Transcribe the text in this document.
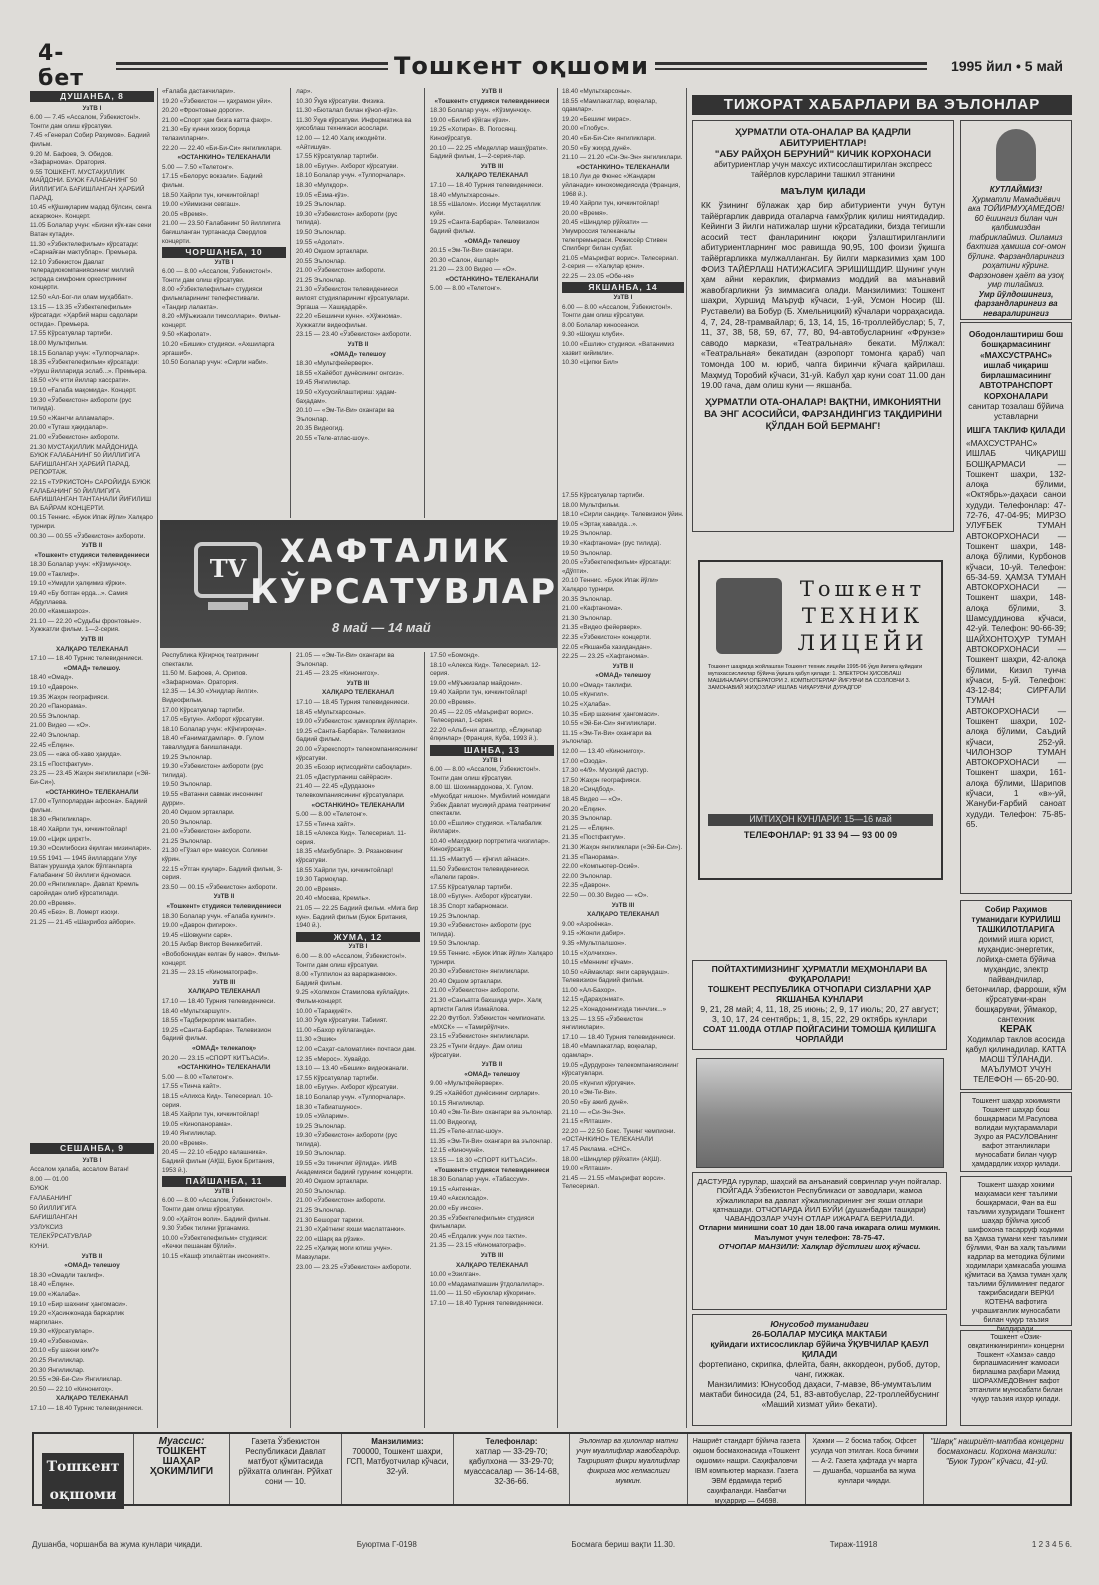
4-бет	Тошкент оқшоми	1995 йил • 5 май
ДУШАНБА, 8

УзТВ I

6.00 — 7.45 «Ассалом, Ўзбекистон!». Тонгги дам олиш кўрсатуви.

7.45 «Генерал Собир Раҳимов». Бадиий фильм.

9.20 М. Бафоев, Э. Обидов. «Зафарнома». Оратория.

9.55 ТОШКЕНТ. МУСТАҚИЛЛИК МАЙДОНИ. БУЮК ҒАЛАБАНИНГ 50 ЙИЛЛИГИГА БАҒИШЛАНГАН ҲАРБИЙ ПАРАД.

10.45 «Қўшиқларим мадад бўлсин, сенга аскаржон». Концерт.

11.05 Болалар учун: «Бизни кўк-кан сени Ватан кутади».

11.30 «Ўзбектелефильм» кўрсатади: «Сарнайған мактублар». Премьера.

12.10 Ўзбекистон Давлат телерадиокомпаниясининг миллий эстрада симфоник оркестрининг концерти.

12.50 «Ал-Бог-ли олам муҳаббат».

13.15 — 13.35 «Ўзбектелефильм» кўрсатади: «Ҳарбий марш садолари остида». Премьера.

17.55 Кўрсатувлар тартиби.

18.00 Мультфильм.

18.15 Болалар учун: «Тулпорчалар».

18.35 «Ўзбектелефильм» кўрсатади: «Уруш йилларида эслаб...». Премьера.

18.50 «Уч етти йиллар хассрати».

19.10 «Ғалаба мақомида». Концерт.

19.30 «Ўзбекистон» ахбороти (рус тилида).

19.50 «Жангчи алламалар».

20.00 «Туташ ҳақидалар».

21.00 «Ўзбекистон» ахбороти.

21.30 МУСТАҚИЛЛИК МАЙДОНИДА БУЮК ҒАЛАБАНИНГ 50 ЙИЛЛИГИГА БАҒИШЛАНГАН ҲАРБИЙ ПАРАД. РЕПОРТАЖ.

22.15 «ТУРКИСТОН» САРОЙИДА БУЮК ҒАЛАБАНИНГ 50 ЙИЛЛИГИГА БАҒИШЛАНГАН ТАНТАНАЛИ ЙИҒИЛИШ ВА БАЙРАМ КОНЦЕРТИ.

00.15 Теннис. «Буюк Ипак йўли» Халқаро турнири.

00.30 — 00.55 «Ўзбекистон» ахбороти.

УзТВ II

«Тошкент» студияси телевидениеси

18.30 Болалар учун: «Кўзмунчоқ».

19.00 «Таклиф».

19.10 «Умидли ҳалқимиз кўрки».

19.40 «Бу ботган ерда...». Самия Абдуллаева.

20.00 «Камшахроз».

21.10 — 22.20 «Судьбы фронтовые». Хужжатли фильм. 1—2-серия.

УзТВ III

ХАЛҚАРО ТЕЛЕКАНАЛ

17.10 — 18.40 Турнис телевидениеси.

«ОМАД» телешоу.

18.40 «Омад».

19.10 «Даврон».

19.35 Жаҳон географияси.

20.20 «Панорама».

20.55 Эълонлар.

21.00 Видео — «О».

22.40 Эълонлар.

22.45 «Ёлқин».

23.05 — «ака об-хаво ҳақида».

23.15 «Постфактум».

23.25 — 23.45 Жаҳон янгиликлари («Эй-Би-Си»).

«ОСТАНКИНО» ТЕЛЕКАНАЛИ

17.00 «Тулпорлардан афсона». Бадиий фильм.

18.30 «Янгиликлар».

18.40 Хайрли тун, кичкинтойлар!

19.00 «Цирк циркт!».

19.30 «Осилибосиз ёқилган мизинлари».

19.55 1941 — 1945 йиллардаги Улуғ Ватан урушида ҳалок бўлганларга Ғалабанинг 50 йиллиги ёдномаси.

20.00 «Янгиликлар». Давлат Кремль саройидан олиб кўрсатилади.

20.00 «Время».

20.45 «Без». В. Ломерт изоҳи.

21.25 — 21.45 «Шаҳрибоз айбори».

СЕШАНБА, 9

УзТВ I

Ассалом ҳалаба, ассалом Ватан!

8.00 — 01.00

БУЮК

ҒАЛАБАНИНГ

50 ЙИЛЛИГИГА

БАҒИШЛАНГАН

УЗЛУКСИЗ

ТЕЛЕКЎРСАТУВЛАР

КУНИ.

УзТВ II

«ОМАД» телешоу

18.30 «Омадли таклиф».

18.40 «Ёлқин».

19.00 «Жалаба».

19.10 «Бир шахнинг ҳангомаси».

19.20 «Ҳасинжонада баркарлик маргилан».

19.30 «Кўрсатувлар».

19.40 «Ўзбекнома».

20.10 «Бу шахни ким?»

20.25 Янгиликлар.

20.30 Янгиликлар.

20.55 «Эй-Би-Си» Янгиликлар.

20.50 — 22.10 «Кинонигоҳ».

ХАЛҚАРО ТЕЛЕКАНАЛ

17.10 — 18.40 Турнис телевидениеси.

«Ғалаба дастакчилари».

19.20 «Ўзбекистон — қаҳрамон уйи».

20.20 «Фронтовые дороги».

21.00 «Спорт ҳам бизга катта фахр».

21.30 «Бу кунни хизоқ борица телазилларни».

22.20 — 22.40 «Би-Би-Си» янгиликлари.

«ОСТАНКИНО» ТЕЛЕКАНАЛИ

5.00 — 7.50 «Телетонг».

17.15 «Белорус вокзали». Бадиий фильм.

18.50 Хайрли тун, кичкинтойлар!

19.00 «Уйимизни севгаш».

20.05 «Время».

21.00 — 23.50 Ғалабанинг 50 йиллигига бағишланган туртанасда Свердлов концерти.

ЧОРШАНБА, 10

УзТВ I

6.00 — 8.00 «Ассалом, Ўзбекистон!». Тонгги дам олиш кўрсатуви.

8.00 «Ўзбектелефильм» студияси фильмларининг телефестивали. «Тандир лалакта».

8.20 «Мўъжизали тимсоллари». Фильм-концерт.

9.50 «Кафолат».

10.20 «Бишик» студияси. «Ахшиларга эргашиб».

10.50 Болалар учун: «Сирли наби».

лар».

10.30 Ўқув кўрсатуви. Физика.

11.30 «Бюталал билан кўнол-кўз».

11.30 Ўқув кўрсатуви. Информатика ва ҳисоблаш техникаси асослари.

12.00 — 12.40 Халқ ижодиёти. «Айтишув».

17.55 Кўрсатувлар тартиби.

18.00 «Бугун». Ахборот кўрсатуви.

18.10 Болалар учун. «Тулпорчалар».

18.30 «Мулкдор».

19.05 «Ёзма-кўз».

19.25 Эълонлар.

19.30 «Ўзбекистон» ахбороти (рус тилида).

19.50 Эълонлар.

19.55 «Адолат».

20.40 Оқшом эртаклари.

20.55 Эълонлар.

21.00 «Ўзбекистон» ахбороти.

21.25 Эълонлар.

21.30 «Ўзбекистон телевидениеси вилоят студияларининг кўрсатувлари. Эргаша — Хашқадарё».

22.20 «Бешинчи кунн». «Хўжнома». Хужжатли видеофильм.

23.15 — 23.40 «Ўзбекистон» ахбороти.

УзТВ II

«ОМАД» телешоу

18.30 «Мультфейерверк».

18.55 «Хайёбот дунёсининг онгсиз».

19.45 Янгиликлар.

19.50 «Хусусийлаштириш: ҳадам-баҳадам».

20.10 — «Эм-Ти-Ви» охангари ва Эълонлар.

20.35 Видеогид.

20.55 «Теле-атлас-шоу».

УзТВ II

«Тошкент» студияси телевидениеси

18.30 Болалар учун. «Кўзмунчоқ».

19.00 «Билиб кўйган кўзи».

19.25 «Хотира». В. Погосянц. Кинокўрсатув.

20.10 — 22.25 «Меделлар машҳўрати». Бадиий фильм, 1—2-серия-лар.

УзТВ III

ХАЛҚАРО ТЕЛЕКАНАЛ

17.10 — 18.40 Турния телевидениеси.

18.40 «Мультхарсоны».

18.55 «Шалом». Иссиқи Мустақиллик куйи.

19.25 «Санта-Барбара». Телевизион бадиий фильм.

«ОМАД» телешоу

20.15 «Эм-Ти-Ви» охангари.

20.30 «Салон, ёшлар!»

21.20 — 23.00 Видео — «О».

«ОСТАНКИНО» ТЕЛЕКАНАЛИ

5.00 — 8.00 «Телетонг».

TV	ХАФТАЛИК
КЎРСАТУВЛАР
8 май — 14 май

Республика Кўғирчоқ театрининг спектакли.

11.50 М. Бафоев, А. Орипов. «Зафарнома». Оратория.

12.35 — 14.30 «Унидлар йилги». Видеофильм.

17.00 Кўрсатувлар тартиби.

17.05 «Бугун». Ахборот кўрсатуви.

18.10 Болалар учун: «Кўнгироқча».

18.40 «Ғаниматдамлар». Ф. Гулом таваллудига бағишланади.

19.25 Эълонлар.

19.30 «Ўзбекистон» ахбороти (рус тилида).

19.50 Эълонлар.

19.55 «Ватанни савмак инсоннинг дурри».

20.40 Оқшом эртаклари.

20.50 Эълонлар.

21.00 «Ўзбекистон» ахбороти.

21.25 Эълонлар.

21.30 «Гўзал ер» мавсуси. Соликни кўрин.

22.15 «Ўтган куңлар». Бадиий фильм, 3-серия.

23.50 — 00.15 «Ўзбекистон» ахбороти.

УзТВ II

«Тошкент» студияси телевидениеси

18.30 Болалар учун. «Ғалаба кунинг».

19.00 «Даврон фигирок».

19.45 «Шовқунги сарв».

20.15 Акбар Виктор Веникебитий.

«Вобобонидан келган бу наво». Фильм-концерт.

21.35 — 23.15 «Киноматограф».

УзТВ III

ХАЛҚАРО ТЕЛЕКАНАЛ

17.10 — 18.40 Турния телевидениеси.

18.40 «Мультхаршулг».

18.55 «Тадбиркорлик мактаби».

19.25 «Санта-Барбара». Телевизион бадиий фильм.

«ОМАД» телекапоқ»

20.20 — 23.15 «СПОРТ КИТЪАСИ».

«ОСТАНКИНО» ТЕЛЕКАНАЛИ

5.00 — 8.00 «Телетонг».

17.55 «Тинча кайт».

18.15 «Алихса Кид». Телесериал. 10-серия.

18.45 Хайрли тун, кичкинтойлар!

19.05 «Кинопанорама».

19.40 Янгиликлар.

20.00 «Время».

20.45 — 22.10 «Бедро калашника». Бадиий фильм (АҚШ, Буюк Британия, 1953 й.).

ПАЙШАНБА, 11

УзТВ I

6.00 — 8.00 «Ассалом, Ўзбекистон!». Тонгги дам олиш кўрсатуви.

9.00 «Ҳайтон воли». Бадиий фильм.

9.30 Ўзбек тилини ўрганамиз.

10.00 «Ўзбектелефильм» студияси: «Кечки пешанам бўлий».

10.15 «Кашф этилаётган инсоният».

21.05 — «Эм-Ти-Ви» охангари ва Эълонлар.

21.45 — 23.25 «Кинонигоҳ».

УзТВ III

ХАЛҚАРО ТЕЛЕКАНАЛ

17.10 — 18.45 Турния телевидениеси.

18.45 «Мультхарсоны».

19.00 «Ўзбекистон: ҳамкорлик йўллари».

19.25 «Санта-Барбара». Телевизион бадиий фильм.

20.00 «Ўзрекспорт» телекомпаниясининг кўрсатуви.

20.35 «Бозор иқтисодиёти сабоқлари».

21.05 «Дастурланиш сайёраси».

21.40 — 22.45 «Дурдазон» телевкомпаниясининг кўрсатувлари.

«ОСТАНКИНО» ТЕЛЕКАНАЛИ

5.00 — 8.00 «Телетонг».

17.55 «Тинча хайт».

18.15 «Алексa Кид». Телесериал. 11-серия.

18.35 «Махбублар». Э. Рязановнинг кўрсатуви.

18.55 Хайрли тун, кичкинтойлар!

19.30 Тармоқлар.

20.00 «Время».

20.40 «Москва, Кремль».

21.05 — 22.25 Бадиий фильм. «Мига бир кун». Бадиий фильм (Буюк Британия, 1940 й.).

ЖУМА, 12

УзТВ I

6.00 — 8.00 «Ассалом, Ўзбекистон!». Тонгги дам олиш кўрсатуви.

8.00 «Тулпилон аз вараржанмок». Бадиий фильм.

9.25 «Холмхон Стамилова куйлайди». Фильм-концерт.

10.00 «Тараққиёт».

10.30 Ўқув кўрсатуви. Табиият.

11.00 «Бахор куйлаганда».

11.30 «Эшик»

12.00 «Саҳат-саломатлик» почтаси дам.

12.35 «Мерос». Хувайдо.

13.10 — 13.40 «Бешик» видеоканали.

17.55 Кўрсатувлар тартиби.

18.00 «Бугун». Ахборот кўрсатуви.

18.10 Болалар учун. «Тулпорчалар».

18.30 «Табиатшунос».

19.05 «Уйларим».

19.25 Эълонлар.

19.30 «Ўзбекистон» ахбороти (рус тилида).

19.50 Эълонлар.

19.55 «Эз тиничлиг йўлида». ИИВ Академияси бадиий гурунинг концерти.

20.40 Оқшом эртаклари.

20.50 Эълонлар.

21.00 «Ўзбекистон» ахбороти.

21.25 Эълонлар.

21.30 Бешорат тарихи.

21.30 «Ҳаётнинг яхши маслатганки».

22.00 «Шарқ ва рўзик».

22.25 «Ҳалқақ моги ютиш учун». Мавзулари.

23.00 — 23.25 «Ўзбекистон» ахбороти.

17.50 «Бомонд».

18.10 «Алекса Кид». Телесериал. 12-серия.

19.00 «Мўъжизалар майдони».

19.40 Хайрли тун, кичкинтойлар!

20.00 «Время».

20.45 — 22.05 «Маърифат ворис». Телесериал, 1-серия.

22.20 «Альб»ни атанитлр, «Ёлқинлар ёлқинлар» (Франция, Куба, 1993 й.).

ШАНБА, 13

УзТВ I

6.00 — 8.00 «Ассалом, Ўзбекистон!». Тонгги дам олиш кўрсатуви.

8.00 Ш. Шохимардонова, Х. Гулом. «Мукобдат нишон». Мукбилий номидаги Ўзбек Давлат мусиқий драма театрининг спектакли.

10.00 «Ёшлик» студияси. «Талабалик йиллари».

10.40 «Маҳоджир портретига чизгилар». Кинокўрсатув.

11.15 «Мактуб — кўнгил айнаси».

11.50 Ўзбекистон телевидениеси. «Лалели гаров».

17.55 Кўрсатувлар тартиби.

18.00 «Бугун». Ахборот кўрсатуви.

18.35 Спорт хабарномаси.

19.25 Эълонлар.

19.30 «Ўзбекистон» ахбороти (рус тилида).

19.50 Эълонлар.

19.55 Теннис. «Буюк Ипак йўли» Халқаро турнири.

20.30 «Ўзбекистон» янгиликлари.

20.40 Оқшом эртаклари.

21.00 «Ўзбекистон» ахбороти.

21.30 «Санъатга бахшида умр». Халқ артисти Галия Измайлова.

22.20 Футбол. Ўзбекистон чемпионати. «МХСК» — «Тамирйўлчи».

23.15 «Ўзбекистон» янгиликлари.

23.25 «Тунги ёгдау». Дам олиш кўрсатуви.

УзТВ II

«ОМАД» телешоу

9.00 «Мультфейерверк».

9.25 «Хайёбот дунёсининг сирлари».

10.15 Янгиликлар.

10.40 «Эм-Ти-Ви» охангари ва эълонлар.

11.00 Видеогид.

11.25 «Теле-атлас-шоу».

11.35 «Эм-Ти-Ви» охангари ва эълонлар.

12.15 «Киночунё».

13.55 — 18.30 «СПОРТ КИТЪАСИ».

«Тошкент» студияси телевидениеси

18.30 Болалар учун. «Табассум».

19.15 «Антенна».

19.40 «Аксилсадо».

20.00 «Бу инсон».

20.35 «Ўзбектелефильм» студияси фильмлари.

20.45 «Ёлдалик учун лоз тахти».

21.35 — 23.15 «Киноматограф».

УзТВ III

ХАЛҚАРО ТЕЛЕКАНАЛ

10.00 «Эзилган».

10.00 «Мадаматмашин ўтдолалилар».

11.00 — 11.50 «Буюклар кўкорини».

17.10 — 18.40 Турния телевидениеси.

18.40 «Мультхарсоны».

18.55 «Мамлакатлар, воқеалар, одамлар».

19.20 «Бешинг мирас».

20.00 «Глобус».

20.40 «Би-Би-Си» янгиликлари.

20.50 «Бу жиҳод дунё».

21.10 — 21.20 «Си-Эн-Эн» янгиликлари.

«ОСТАНКИНО» ТЕЛЕКАНАЛИ

18.10 Луи де Фюнес «Жандарм уйланади» кинокомедиясида (Франция, 1968 й.).

19.40 Хайрли тун, кичкинтойлар!

20.00 «Время».

20.45 «Шиндлер рўйхати» — Умумроссия телеканалы телепремьераси. Режиссёр Стивен Спилберг билан суҳбат.

21.05 «Маърифат ворис». Телесериал. 2-серия — «Халқлар қони».

22.25 — 23.05 «Обе-ня»

ЯКШАНБА, 14

УзТВ I

6.00 — 8.00 «Ассалом, Ўзбекистон!». Тонгги дам олиш кўрсатуви.

8.00 Болалар киносеанси.

9.30 «Шоқуш клуби».

10.00 «Ёшлик» студияси. «Ватанимиз хазвит кийимли».

10.30 «Ципки Бил»

17.55 Кўрсатувлар тартиби.

18.00 Мультфильм.

18.10 «Сирли сандиқ». Телевизион ўйин.

19.05 «Эртақ хавалда...».

19.25 Эълонлар.

19.30 «Кафтанома» (рус тилида).

19.50 Эълонлар.

20.05 «Ўзбектелефильм» кўрсатади: «Дўпти».

20.10 Теннис. «Буюк Ипак йўли» Халқаро турнири.

20.35 Эълонлар.

21.00 «Кафтанома».

21.30 Эълонлар.

21.35 «Видео фейерверк».

22.35 «Ўзбекистон» концерти.

22.05 «Якшанба хазидандан».

22.25 — 23.25 «Хафтанома».

УзТВ II

«ОМАД» телешоу

10.00 «Омад» таклифи.

10.05 «Кунгил».

10.25 «Ҳалаба».

10.35 «Бир шахнинг ҳангомаси».

10.55 «Эй-Би-Си» янгиликлари.

11.15 «Эм-Ти-Ви» охангари ва эълонлар.

12.00 — 13.40 «Кинонигоҳ».

17.00 «Озода».

17.30 «4/9». Мусиқий дастур.

17.50 Жаҳон географияси.

18.20 «Синдбод».

18.45 Видео — «О».

20.20 «Ёлқин».

20.35 Эълонлар.

21.25 — «Ёлқин».

21.35 «Постфактум».

21.30 Жаҳон янгиликлари («Эй-Би-Си»).

21.35 «Панорама».

22.00 «Компьютер-Осиё».

22.00 Эълонлар.

22.35 «Даврон».

22.50 — 00.30 Видео — «О».

УзТВ III

ХАЛҚАРО ТЕЛЕКАНАЛ

9.00 «Азроёнка».

9.15 «Жонли дабир».

9.35 «Мультлалшон».

10.15 «Ҳолчихон».

10.15 «Меннинг кўчам».

10.50 «Аймаклар: янги сарвундаш». Телевизион бадиий фильм.

11.00 «Ал-Бахор».

12.15 «Дараҳонмат».

12.25 «Хонадонингизда тинчлик...»

13.25 — 13.55 «Ўзбекистон янгиликлари».

17.10 — 18.40 Турния телевидениеси.

18.40 «Мамлакатлар, воқеалар, одамлар».

19.05 «Дурдурон» телекомпаниясининг кўрсатувлари.

20.05 «Кунгил кўргувчи».

20.10 «Эм-Ти-Ви».

20.50 «Бу ажиб дунё».

21.10 — «Си-Эн-Эн».

21.15 «Ялташи».

22.20 — 22.50 Бокс. Тунинг чемпиони. «ОСТАНКИНО» ТЕЛЕКАНАЛИ

17.45 Реклама. «СНС».

18.00 «Шиндлер рўйхати» (АҚШ).

19.00 «Ялташи».

21.45 — 21.55 «Маърифат ворси». Телесериал.

ТИЖОРАТ ХАБАРЛАРИ ВА ЭЪЛОНЛАР
ҲУРМАТЛИ ОТА-ОНАЛАР ВА ҚАДРЛИ АБИТУРИЕНТЛАР!
"АБУ РАЙҲОН БЕРУНИЙ" КИЧИК КОРХОНАСИ
абитуриентлар учун махсус ихтисослаштирилган экспресс тайёрлов курсларини ташкил этганини
маълум қилади
КК ўзининг бўлажак ҳар бир абитуриенти учун бутун тайёргарлик даврида оталарча ғамхўрлик қилиш ниятидадир. Кейинги 3 йилги натижалар шуни кўрсатадики, бизда тегишли асосий тест фанларининг юқори ўзлаштирилганлиги абитуриентларнинг мос равишда 90,95, 100 фоизи ўқишга тайёргарликка мулжалланган. Бу йилги марказимиз ҳам 100 ФОИЗ ТАЙЁРЛАШ НАТИЖАСИГА ЭРИШИШДИР. Шунинг учун ҳам айни кераклик, фирмамиз моддий ва маънавий жавобгарликни ўз зиммасига олади. Манзилимиз: Тошкент шаҳри, Хуршид Маъруф кўчаси, 1-уй, Усмон Носир (Ш. Руставели) ва Бобур (Б. Хмельницкий) кўчалари чорраҳасида. 4, 7, 24, 28-трамвайлар; 6, 13, 14, 15, 16-троллейбуслар; 5, 7, 11, 37, 38, 58, 59, 67, 77, 80, 94-автобусларнинг «Фрунзе» саводо маркази, «Театральная» бекати. Мўлжал: «Театральная» бекатидан (аэропорт томонга қараб) чап томонда 100 м. юриб, чапга биринчи кўчага қайрилаш. Маҳмуд Торобий кўчаси, 31-уй. Кабул ҳар куни соат 11.00 дан 19.00 гача, дам олиш куни — якшанба.
ҲУРМАТЛИ ОТА-ОНАЛАР! ВАҚТНИ, ИМКОНИЯТНИ ВА ЭНГ АСОСИЙСИ, ФАРЗАНДИНГИЗ ТАҚДИРИНИ ҚЎЛДАН БОЙ БЕРМАНГ!
КУТЛАЙМИЗ!
Ҳурматли Мамадиёвич ака ТОЙИРМУҲАМЕДОВ!
60 ёшингиз билан чин қалбимиздан табриклаймиз. Оиламиз бахтига ҳамиша соғ-омон бўлинг. Фарзандларингиз роҳатини кўринг. Фарзоновен ҳаёт ва узоқ умр тилаймиз.
Умр йўлдошингиз, фарзандларингиз ва неваралирингиз
Ободонлаштириш бош бошқармасининг «МАХСУСТРАНС» ишлаб чиқариш бирлашмасининг
АВТОТРАНСПОРТ КОРХОНАЛАРИ
санитар тозалаш бўйича уставларни
ИШГА ТАКЛИФ ҚИЛАДИ
«МАХСУСТРАНС» ИШЛАБ ЧИҚАРИШ БОШҚАРМАСИ — Тошкент шаҳри, 132-алоқа бўлими, «Октябрь»-даҳаси санои худуди. Телефонлар: 47-72-76, 47-04-95; МИРЗО УЛУҒБЕК ТУМАН АВТОКОРХОНАСИ — Тошкент шаҳри, 148-алоқа бўлими, Курбонов кўчаси, 10-уй. Телефон: 65-34-59. ҲАМЗА ТУМАН АВТОКОРХОНАСИ — Тошкент шаҳри, 148-алоқа бўлими, 3. Шамсуддинова кўчаси, 42-уй. Телефон: 90-66-39; ШАЙХОНТОҲУР ТУМАН АВТОКОРХОНАСИ — Тошкент шаҳри, 42-алоқа бўлими, Кизил тунча кўчаси, 5-уй. Телефон: 43-12-84; СИРҒАЛИ ТУМАН АВТОКОРХОНАСИ — Тошкент шаҳри, 102-алоқа бўлими, Саъдий кўчаси, 252-уй. ЧИЛОНЗОР ТУМАН АВТОКОРХОНАСИ — Тошкент шаҳри, 161-алоқа бўлими, Шарипов кўчаси, 1 «в»-уй, Жануби-Ғарбий саноат худуди. Телефон: 75-85-65.
Тошкент
ТЕХНИК
ЛИЦЕЙИ
Тошкент шаҳрида жойлашган Тошкент техник лицейи 1995-96 ўқув йилига қуйидаги мутахассисликлар бўйича ўқишга қабул қилади: 1. ЭЛЕКТРОН ҲИСОБЛАШ МАШИНАЛАРИ ОПЕРАТОРИ 2. КОМПЬЮТЕРЛАР ЙИҒУВЧИ ВА СОЗЛОВЧИ 3. ЗАМОНАВИЙ ЖИҲОЗЛАР ИШЛАБ ЧИҚАРУВЧИ ДУРАДГОР
ИМТИҲОН КУНЛАРИ: 15—16 май
ТЕЛЕФОНЛАР: 91 33 94 — 93 00 09
ПОЙТАХТИМИЗНИНГ ҲУРМАТЛИ МЕҲМОНЛАРИ ВА ФУҚАРОЛАРИ!
ТОШКЕНТ РЕСПУБЛИКА ОТЧОПАРИ СИЗЛАРНИ ҲАР ЯКШАНБА КУНЛАРИ
9, 21, 28 май; 4, 11, 18, 25 июнь; 2, 9, 17 июль; 20, 27 август; 3, 10, 17, 24 сентябрь; 1, 8, 15, 22, 29 октябрь кунлари
СОАТ 11.00ДА ОТЛАР ПОЙГАСИНИ ТОМОША ҚИЛИШГА ЧОРЛАЙДИ
ДАСТУРДА гурулар, шаҳсий ва анъанавий совринлар учун пойгалар. ПОЙГАДА Ўзбекистон Республикаси от заводлари, жамоа хўжаликлари ва давлат хўжаликларининг энг яхши отлари қатнашади. ОТЧОПАРДА ЙИЛ БУЙИ (душанбадан ташқари) ЧАВАНДОЗЛАР УЧУН ОТЛАР ИЖАРАГА БЕРИЛАДИ.
Отларни минишни соат 10 дан 18.00 гача ижарага олиш мумкин.
Маълумот учун телефон: 78-75-47.
ОТЧОПАР МАНЗИЛИ: Халқлар дўстлиги шоҳ кўчаси.
Юнусобод туманидаги
26-БОЛАЛАР МУСИҚА МАКТАБИ
қуйидаги ихтисосликлар бўйича ЎҚУВЧИЛАР ҚАБУЛ ҚИЛАДИ
фортепиано, скрипка, флейта, баян, аккордеон, рубоб, дутор, чанг, гижжак.
Манзилимиз: Юнусобод даҳаси, 7-мавзе, 86-умумтаълим мактаби биносида (24, 51, 83-автобуслар, 22-троллейбуснинг «Маший хизмат уйи» бекати).
Собир Раҳимов туманидаги КУРИЛИШ ТАШКИЛОТЛАРИГА
доимий ишга юрист, муҳандис-энергетик, лойиҳа-смета бўйича муҳандис, электр пайвандчилар, бетончилар, фарроши, кўм кўрсатувчи-кран бошқарувчи, ўймакор, сантехник
КЕРАК
Ходимлар таклов асосида қабул қилинадилар. КАТТА МАОШ ТЎЛАНАДИ.
МАЪЛУМОТ УЧУН ТЕЛЕФОН — 65-20-90.
Тошкент шаҳар хокимияти Тошкент шаҳар бош бошқармаси М.Расулова волидаи муҳтарамалари Зуҳро ая РАСУЛОВАнинг вафот этганликлари муносабати билан чуқур ҳамдардлик изҳор қилади.
Тошкент шаҳар хокими маҳкамаси кенг таълими бошқармаси, Фан ва ёш таълими хузуридаги Тошкент шаҳар бўйича ҳисоб шифохона тасарруф ходими ва Ҳамза тумани кенг таълими бўлими, Фан ва халқ таълими кадрлар ва методика бўлими ходимлари ҳамкасаба уюшма қўмитаси ва Ҳамза туман ҳалқ таълими бўлимининг педагог тажрибасидаги ВЕРКИ КОТЕНА вафотига учрашиганлик муносабати билан чуқур таъзия билдиради.
Тошкент «Озик-овқатинжиниринги» концерни Тошкент «Хамза» савдо бирлашмасининг жамоаси бирлашма раҳбари Мажид ШОРАХМЕДОВнинг вафот этганлиги муносабати билан чуқур таъзия изҳор қилади.
Тошкент оқшоми
Муассис:
ТОШКЕНТ ШАҲАР ҲОКИМЛИГИ
Газета Ўзбекистон Республикаси Давлат матбуот қўмитасида рўйхатга олинган. Рўйхат сони — 10.
Манзилимиз:
700000, Тошкент шаҳри, ГСП, Матбуотчилар кўчаси, 32-уй.
Телефонлар:
хатлар — 33-29-70; қабулхона — 33-29-70; муассасалар — 36-14-68, 32-36-66.
Эълонлар ва ҳилонлар матни учун муаллифлар жавобгардир. Таҳририят фикри муаллифлар фикрига мос келмаслиги мумкин.
Нашриёт стандарт бўйича газета оқшом босмахонасида «Тошкент оқшоми» нашри. Саҳифаловчи IBM компьютер маркази. Газета ЭВМ ёрдамида териб саҳифаланди. Навбатчи муҳаррир — 64698.
Ҳажми — 2 босма табоқ. Офсет усулда чоп этилган. Коса бичими — A-2. Газета ҳафтада уч марта — душанба, чоршанба ва жума кунлари чиқади.
"Шарқ" нашриёт-матбаа концерни босмахонаси. Корхона манзили: "Буюк Турон" кўчаси, 41-уй.
Душанба, чоршанба ва жума кунлари чиқади.	Буюртма Г-0198	Босмага бериш вақти 11.30.	Тираж-11918	1 2 3 4 5 6.
